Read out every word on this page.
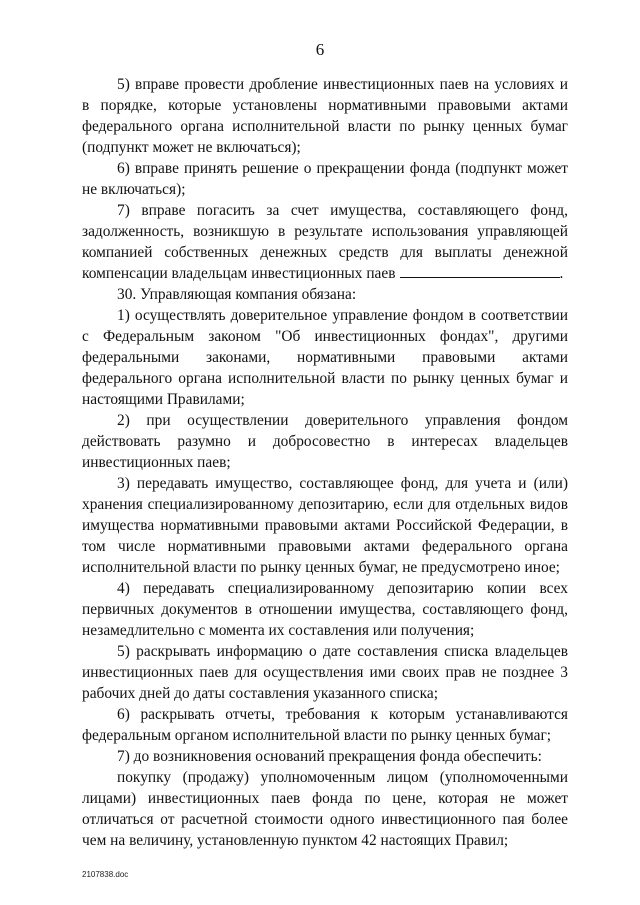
6

5) вправе провести дробление инвестиционных паев на условиях и в порядке, которые установлены нормативными правовыми актами федерального органа исполнительной власти по рынку ценных бумаг (подпункт может не включаться);

6) вправе принять решение о прекращении фонда (подпункт может не включаться);

7) вправе погасить за счет имущества, составляющего фонд, задолженность, возникшую в результате использования управляющей компанией собственных денежных средств для выплаты денежной компенсации владельцам инвестиционных паев	.

30. Управляющая компания обязана:

1) осуществлять доверительное управление фондом в соответствии с Федеральным законом "Об инвестиционных фондах", другими федеральными законами, нормативными правовыми актами федерального органа исполнительной власти по рынку ценных бумаг и настоящими Правилами;

2) при осуществлении доверительного управления фондом действовать разумно и добросовестно в интересах владельцев инвестиционных паев;

3) передавать имущество, составляющее фонд, для учета и (или) хранения специализированному депозитарию, если для отдельных видов имущества нормативными правовыми актами Российской Федерации, в том числе нормативными правовыми актами федерального органа исполнительной власти по рынку ценных бумаг, не предусмотрено иное;

4) передавать специализированному депозитарию копии всех первичных документов в отношении имущества, составляющего фонд, незамедлительно с момента их составления или получения;

5) раскрывать информацию о дате составления списка владельцев инвестиционных паев для осуществления ими своих прав не позднее 3 рабочих дней до даты составления указанного списка;

6) раскрывать отчеты, требования к которым устанавливаются федеральным органом исполнительной власти по рынку ценных бумаг;

7) до возникновения оснований прекращения фонда обеспечить:

покупку (продажу) уполномоченным лицом (уполномоченными лицами) инвестиционных паев фонда по цене, которая не может отличаться от расчетной стоимости одного инвестиционного пая более чем на величину, установленную пунктом 42 настоящих Правил;

2107838.doc
